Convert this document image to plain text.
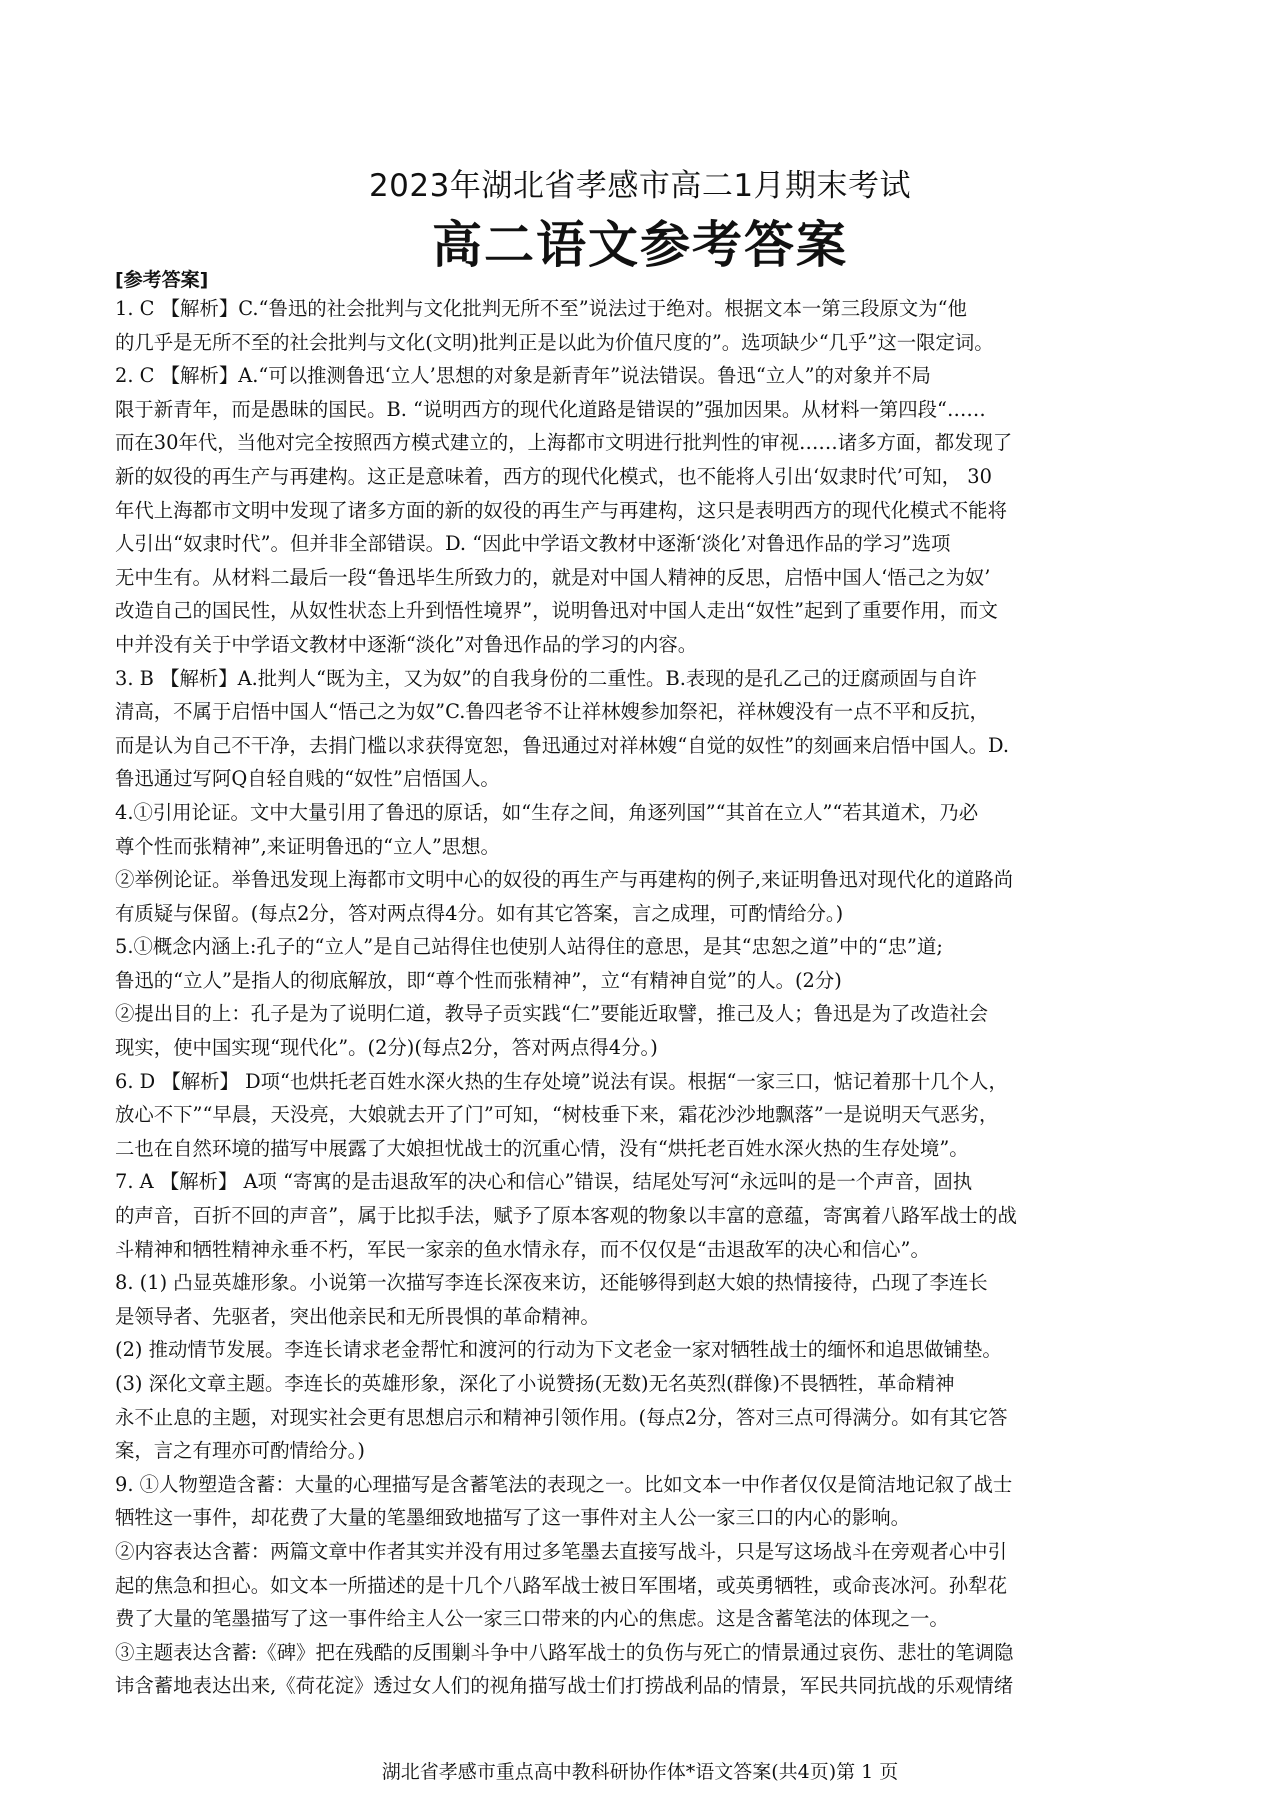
2023年湖北省孝感市高二1月期末考试
高二语文参考答案
[参考答案]
1. C 【解析】C.“鲁迅的社会批判与文化批判无所不至”说法过于绝对。根据文本一第三段原文为“他
的几乎是无所不至的社会批判与文化(文明)批判正是以此为价值尺度的”。选项缺少“几乎”这一限定词。
2. C 【解析】A.“可以推测鲁迅‘立人’思想的对象是新青年”说法错误。鲁迅“立人”的对象并不局
限于新青年，而是愚昧的国民。B. “说明西方的现代化道路是错误的”强加因果。从材料一第四段“……
而在30年代，当他对完全按照西方模式建立的，上海都市文明进行批判性的审视……诸多方面，都发现了
新的奴役的再生产与再建构。这正是意味着，西方的现代化模式，也不能将人引出‘奴隶时代’可知， 30
年代上海都市文明中发现了诸多方面的新的奴役的再生产与再建构，这只是表明西方的现代化模式不能将
人引出“奴隶时代”。但并非全部错误。D. “因此中学语文教材中逐渐‘淡化’对鲁迅作品的学习”选项
无中生有。从材料二最后一段“鲁迅毕生所致力的，就是对中国人精神的反思，启悟中国人‘悟己之为奴’
改造自己的国民性，从奴性状态上升到悟性境界”，说明鲁迅对中国人走出“奴性”起到了重要作用，而文
中并没有关于中学语文教材中逐渐“淡化”对鲁迅作品的学习的内容。
3. B 【解析】A.批判人“既为主，又为奴”的自我身份的二重性。B.表现的是孔乙己的迂腐顽固与自许
清高，不属于启悟中国人“悟己之为奴”C.鲁四老爷不让祥林嫂参加祭祀，祥林嫂没有一点不平和反抗，
而是认为自己不干净，去捐门槛以求获得宽恕，鲁迅通过对祥林嫂“自觉的奴性”的刻画来启悟中国人。D.
鲁迅通过写阿Q自轻自贱的“奴性”启悟国人。
4.①引用论证。文中大量引用了鲁迅的原话，如“生存之间，角逐列国”“其首在立人”“若其道术，乃必
尊个性而张精神”,来证明鲁迅的“立人”思想。
②举例论证。举鲁迅发现上海都市文明中心的奴役的再生产与再建构的例子,来证明鲁迅对现代化的道路尚
有质疑与保留。(每点2分，答对两点得4分。如有其它答案，言之成理，可酌情给分。)
5.①概念内涵上:孔子的“立人”是自己站得住也使别人站得住的意思，是其“忠恕之道”中的“忠”道;
鲁迅的“立人”是指人的彻底解放，即“尊个性而张精神”，立“有精神自觉”的人。(2分)
②提出目的上：孔子是为了说明仁道，教导子贡实践“仁”要能近取譬，推己及人；鲁迅是为了改造社会
现实，使中国实现“现代化”。(2分)(每点2分，答对两点得4分。)
6. D 【解析】 D项“也烘托老百姓水深火热的生存处境”说法有误。根据“一家三口，惦记着那十几个人，
放心不下”“早晨，天没亮，大娘就去开了门”可知，“树枝垂下来，霜花沙沙地飘落”一是说明天气恶劣，
二也在自然环境的描写中展露了大娘担忧战士的沉重心情，没有“烘托老百姓水深火热的生存处境”。
7. A 【解析】 A项 “寄寓的是击退敌军的决心和信心”错误，结尾处写河“永远叫的是一个声音，固执
的声音，百折不回的声音”，属于比拟手法，赋予了原本客观的物象以丰富的意蕴，寄寓着八路军战士的战
斗精神和牺牲精神永垂不朽，军民一家亲的鱼水情永存，而不仅仅是“击退敌军的决心和信心”。
8. (1) 凸显英雄形象。小说第一次描写李连长深夜来访，还能够得到赵大娘的热情接待，凸现了李连长
是领导者、先驱者，突出他亲民和无所畏惧的革命精神。
(2) 推动情节发展。李连长请求老金帮忙和渡河的行动为下文老金一家对牺牲战士的缅怀和追思做铺垫。
(3) 深化文章主题。李连长的英雄形象，深化了小说赞扬(无数)无名英烈(群像)不畏牺牲，革命精神
永不止息的主题，对现实社会更有思想启示和精神引领作用。(每点2分，答对三点可得满分。如有其它答
案，言之有理亦可酌情给分。)
9. ①人物塑造含蓄：大量的心理描写是含蓄笔法的表现之一。比如文本一中作者仅仅是简洁地记叙了战士
牺牲这一事件，却花费了大量的笔墨细致地描写了这一事件对主人公一家三口的内心的影响。
②内容表达含蓄：两篇文章中作者其实并没有用过多笔墨去直接写战斗，只是写这场战斗在旁观者心中引
起的焦急和担心。如文本一所描述的是十几个八路军战士被日军围堵，或英勇牺牲，或命丧冰河。孙犁花
费了大量的笔墨描写了这一事件给主人公一家三口带来的内心的焦虑。这是含蓄笔法的体现之一。
③主题表达含蓄:《碑》把在残酷的反围剿斗争中八路军战士的负伤与死亡的情景通过哀伤、悲壮的笔调隐
讳含蓄地表达出来,《荷花淀》透过女人们的视角描写战士们打捞战利品的情景，军民共同抗战的乐观情绪
湖北省孝感市重点高中教科研协作体*语文答案(共4页)第 1 页
